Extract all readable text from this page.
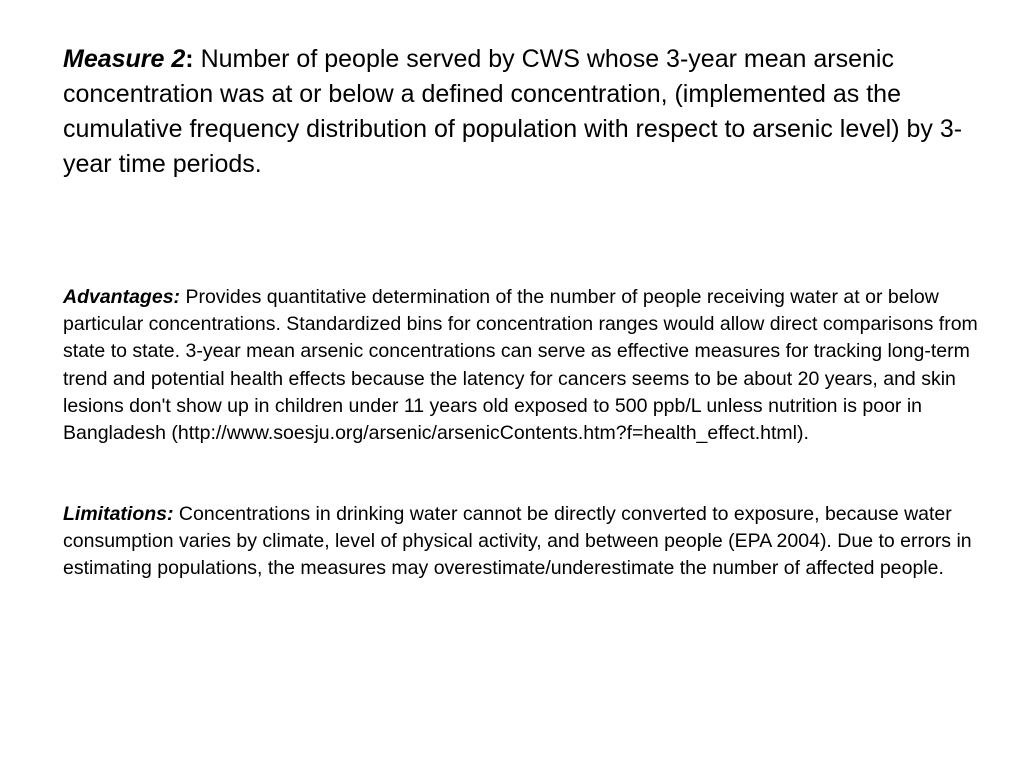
Measure 2: Number of people served by CWS whose 3-year mean arsenic concentration was at or below a defined concentration, (implemented as the cumulative frequency distribution of population with respect to arsenic level) by 3-year time periods.
Advantages: Provides quantitative determination of the number of people receiving water at or below particular concentrations. Standardized bins for concentration ranges would allow direct comparisons from state to state. 3-year mean arsenic concentrations can serve as effective measures for tracking long-term trend and potential health effects because the latency for cancers seems to be about 20 years, and skin lesions don't show up in children under 11 years old exposed to 500 ppb/L unless nutrition is poor in Bangladesh (http://www.soesju.org/arsenic/arsenicContents.htm?f=health_effect.html).
Limitations: Concentrations in drinking water cannot be directly converted to exposure, because water consumption varies by climate, level of physical activity, and between people (EPA 2004). Due to errors in estimating populations, the measures may overestimate/underestimate the number of affected people.
